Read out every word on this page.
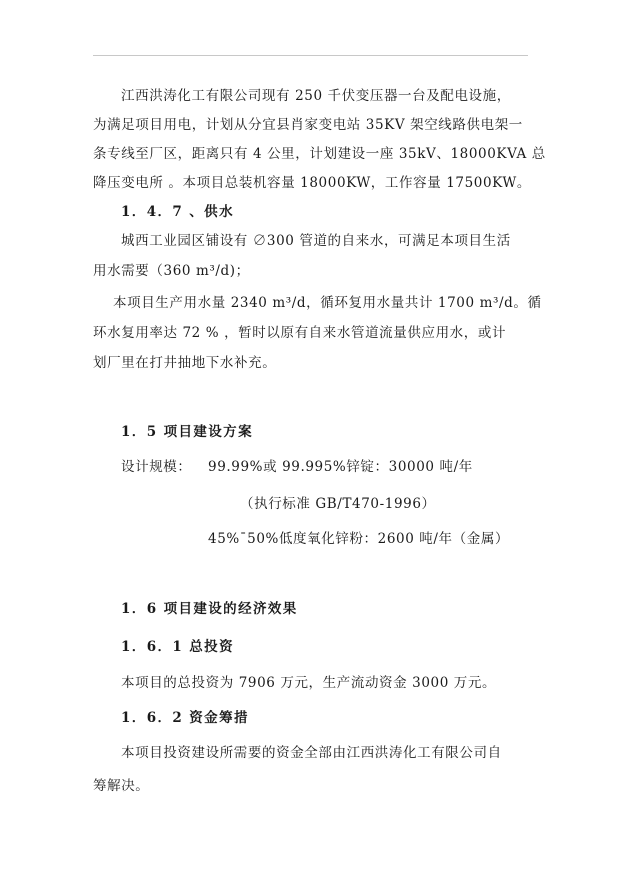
江西洪涛化工有限公司现有 250 千伏变压器一台及配电设施，
为满足项目用电，计划从分宜县肖家变电站 35KV 架空线路供电架一
条专线至厂区，距离只有 4 公里，计划建设一座 35kV、18000KVA 总
降压变电所 。本项目总装机容量 18000KW，工作容量 17500KW。
1．4．7 、供水
城西工业园区铺设有 ∅300 管道的自来水，可满足本项目生活
用水需要（360 m³/d)；
本项目生产用水量 2340 m³/d，循环复用水量共计 1700 m³/d。循
环水复用率达 72 % ，暂时以原有自来水管道流量供应用水，或计
划厂里在打井抽地下水补充。
1．5 项目建设方案
设计规模： 99.99%或 99.995%锌锭：30000 吨/年
（执行标准 GB/T470-1996）
45%¯50%低度氧化锌粉：2600 吨/年（金属）
1．6 项目建设的经济效果
1．6．1 总投资
本项目的总投资为 7906 万元，生产流动资金 3000 万元。
1．6．2 资金筹措
本项目投资建设所需要的资金全部由江西洪涛化工有限公司自
筹解决。
